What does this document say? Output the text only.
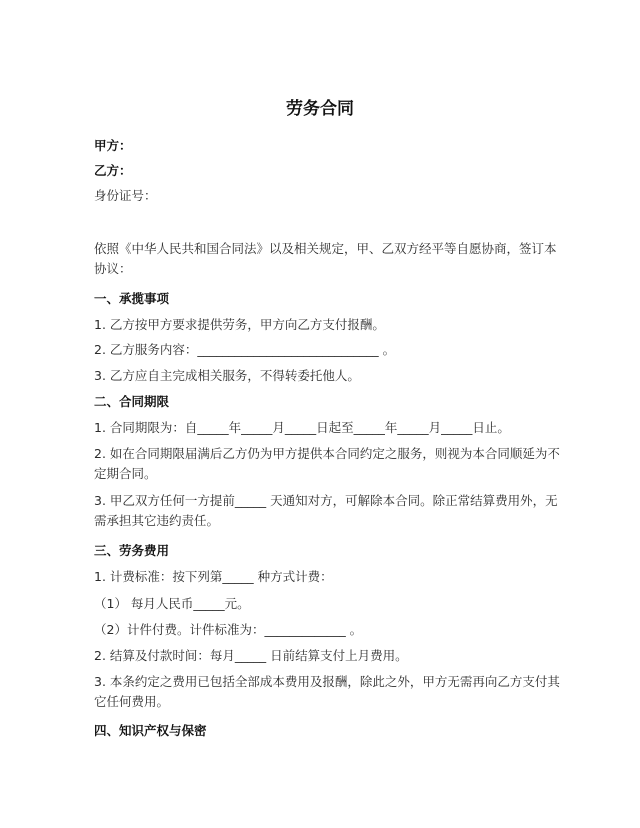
劳务合同
甲方：
乙方：
身份证号：
依照《中华人民共和国合同法》以及相关规定，甲、乙双方经平等自愿协商，签订本协议：
一、承揽事项
1. 乙方按甲方要求提供劳务，甲方向乙方支付报酬。
2. 乙方服务内容：_____________________________ 。
3. 乙方应自主完成相关服务，不得转委托他人。
二、合同期限
1. 合同期限为：自_____年_____月_____日起至_____年_____月_____日止。
2. 如在合同期限届满后乙方仍为甲方提供本合同约定之服务，则视为本合同顺延为不定期合同。
3. 甲乙双方任何一方提前_____ 天通知对方，可解除本合同。除正常结算费用外，无需承担其它违约责任。
三、劳务费用
1. 计费标准：按下列第_____ 种方式计费：
（1） 每月人民币_____元。
（2）计件付费。计件标准为：_____________ 。
2. 结算及付款时间：每月_____ 日前结算支付上月费用。
3. 本条约定之费用已包括全部成本费用及报酬，除此之外，甲方无需再向乙方支付其它任何费用。
四、知识产权与保密
